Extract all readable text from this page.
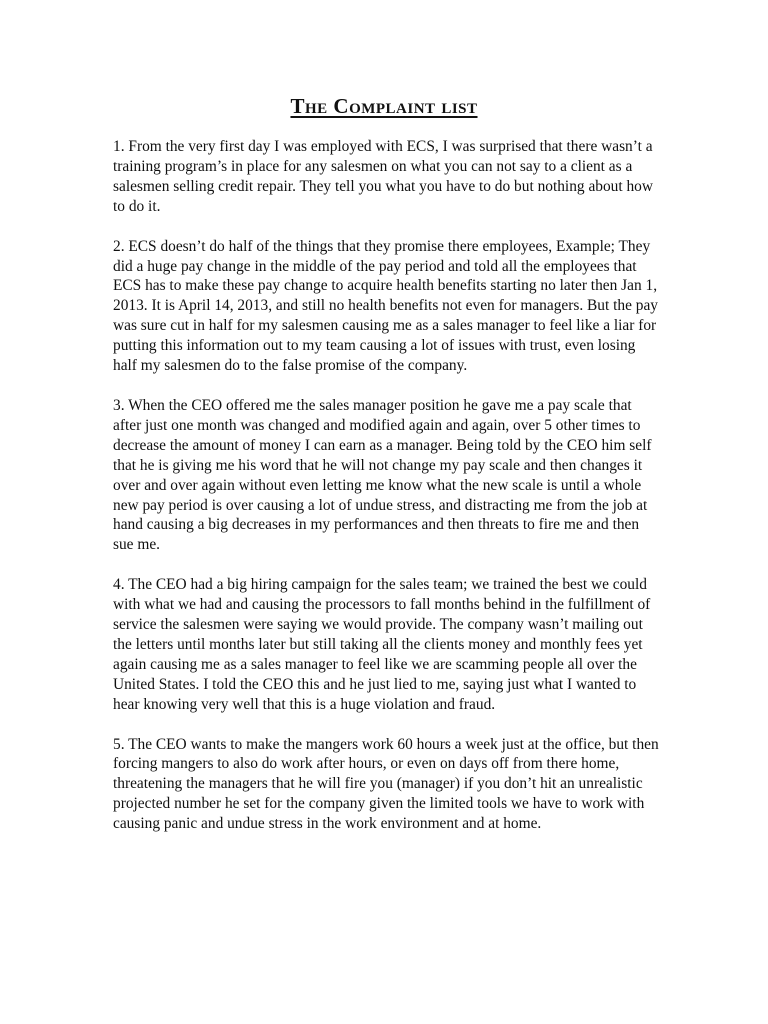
The Complaint list

1. From the very first day I was employed with ECS, I was surprised that there wasn’t a training program’s in place for any salesmen on what you can not say to a client as a salesmen selling credit repair. They tell you what you have to do but nothing about how to do it.

2. ECS doesn’t do half of the things that they promise there employees, Example; They did a huge pay change in the middle of the pay period and told all the employees that ECS has to make these pay change to acquire health benefits starting no later then Jan 1, 2013. It is April 14, 2013, and still no health benefits not even for managers. But the pay was sure cut in half for my salesmen causing me as a sales manager to feel like a liar for putting this information out to my team causing a lot of issues with trust, even losing half my salesmen do to the false promise of the company.

3. When the CEO offered me the sales manager position he gave me a pay scale that after just one month was changed and modified again and again, over 5 other times to decrease the amount of money I can earn as a manager. Being told by the CEO him self that he is giving me his word that he will not change my pay scale and then changes it over and over again without even letting me know what the new scale is until a whole new pay period is over causing a lot of undue stress, and distracting me from the job at hand causing a big decreases in my performances and then threats to fire me and then sue me.

4. The CEO had a big hiring campaign for the sales team; we trained the best we could with what we had and causing the processors to fall months behind in the fulfillment of service the salesmen were saying we would provide. The company wasn’t mailing out the letters until months later but still taking all the clients money and monthly fees yet again causing me as a sales manager to feel like we are scamming people all over the United States. I told the CEO this and he just lied to me, saying just what I wanted to hear knowing very well that this is a huge violation and fraud.

5. The CEO wants to make the mangers work 60 hours a week just at the office, but then forcing mangers to also do work after hours, or even on days off from there home, threatening the managers that he will fire you (manager) if you don’t hit an unrealistic projected number he set for the company given the limited tools we have to work with causing panic and undue stress in the work environment and at home.
